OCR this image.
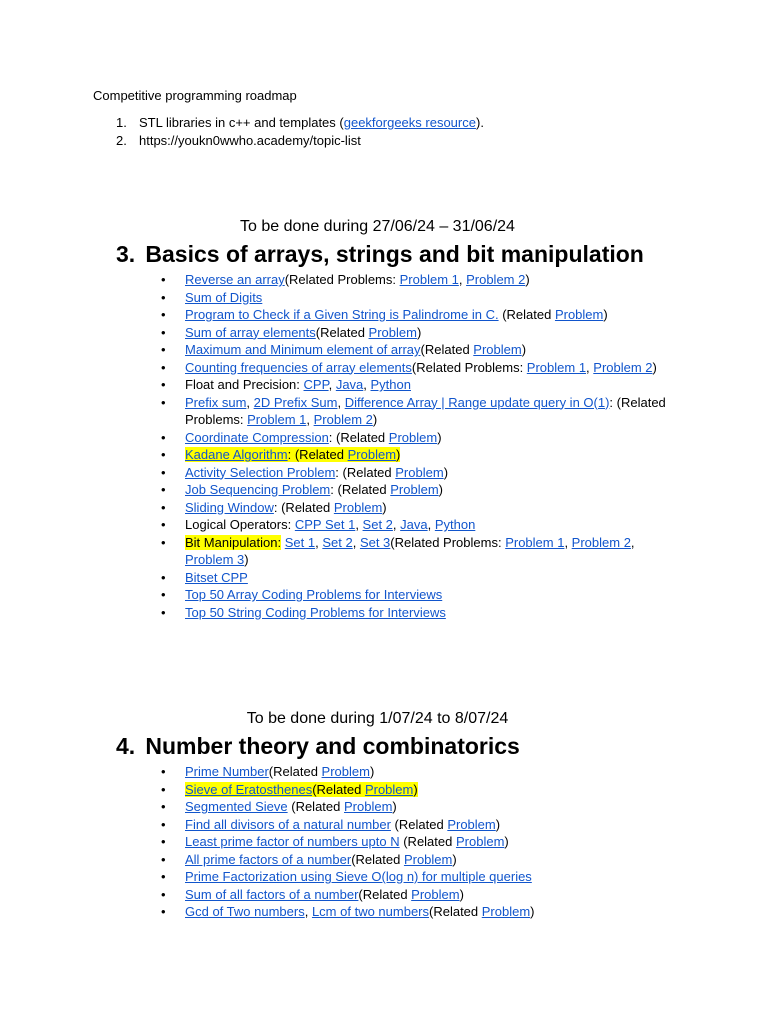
Competitive programming roadmap
1. STL libraries in c++ and templates (geekforgeeks resource).
2. https://youkn0wwho.academy/topic-list
To be done during 27/06/24 – 31/06/24
3. Basics of arrays, strings and bit manipulation
• Reverse an array(Related Problems: Problem 1, Problem 2)
• Sum of Digits
• Program to Check if a Given String is Palindrome in C. (Related Problem)
• Sum of array elements(Related Problem)
• Maximum and Minimum element of array(Related Problem)
• Counting frequencies of array elements(Related Problems: Problem 1, Problem 2)
• Float and Precision: CPP, Java, Python
• Prefix sum, 2D Prefix Sum, Difference Array | Range update query in O(1): (Related Problems: Problem 1, Problem 2)
• Coordinate Compression: (Related Problem)
• Kadane Algorithm: (Related Problem)
• Activity Selection Problem: (Related Problem)
• Job Sequencing Problem: (Related Problem)
• Sliding Window: (Related Problem)
• Logical Operators: CPP Set 1, Set 2, Java, Python
• Bit Manipulation: Set 1, Set 2, Set 3(Related Problems: Problem 1, Problem 2, Problem 3)
• Bitset CPP
• Top 50 Array Coding Problems for Interviews
• Top 50 String Coding Problems for Interviews
To be done during 1/07/24 to 8/07/24
4. Number theory and combinatorics
• Prime Number(Related Problem)
• Sieve of Eratosthenes(Related Problem)
• Segmented Sieve (Related Problem)
• Find all divisors of a natural number (Related Problem)
• Least prime factor of numbers upto N (Related Problem)
• All prime factors of a number(Related Problem)
• Prime Factorization using Sieve O(log n) for multiple queries
• Sum of all factors of a number(Related Problem)
• Gcd of Two numbers, Lcm of two numbers(Related Problem)
